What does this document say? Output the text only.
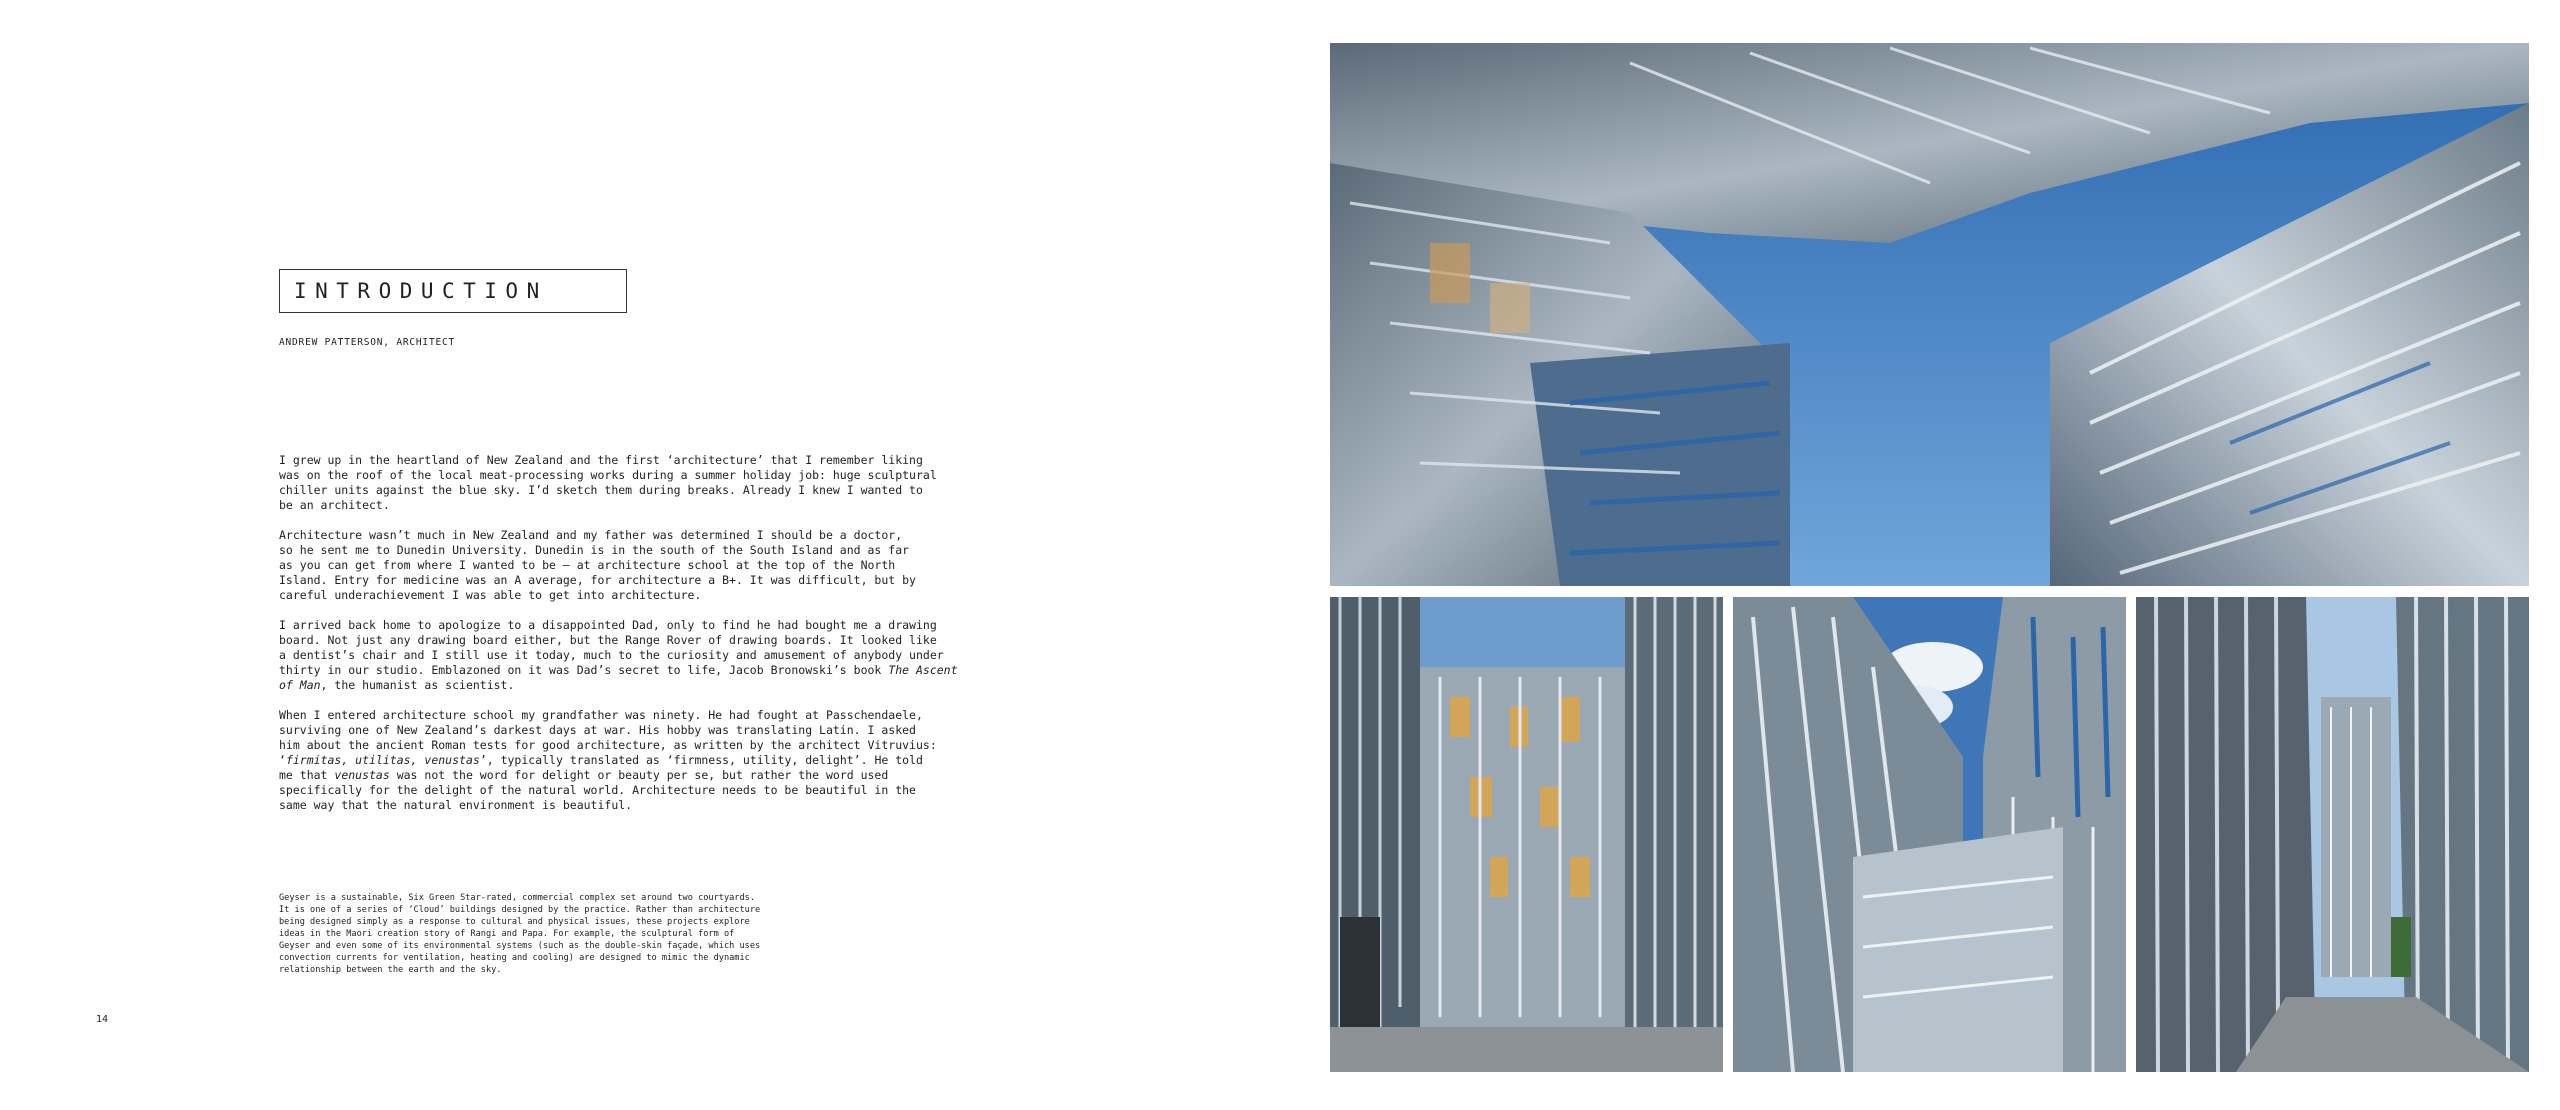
INTRODUCTION
ANDREW PATTERSON, ARCHITECT

I grew up in the heartland of New Zealand and the first ‘architecture’ that I remember liking
was on the roof of the local meat-processing works during a summer holiday job: huge sculptural
chiller units against the blue sky. I’d sketch them during breaks. Already I knew I wanted to
be an architect.

Architecture wasn’t much in New Zealand and my father was determined I should be a doctor,
so he sent me to Dunedin University. Dunedin is in the south of the South Island and as far
as you can get from where I wanted to be – at architecture school at the top of the North
Island. Entry for medicine was an A average, for architecture a B+. It was difficult, but by
careful underachievement I was able to get into architecture.

I arrived back home to apologize to a disappointed Dad, only to find he had bought me a drawing
board. Not just any drawing board either, but the Range Rover of drawing boards. It looked like
a dentist’s chair and I still use it today, much to the curiosity and amusement of anybody under
thirty in our studio. Emblazoned on it was Dad’s secret to life, Jacob Bronowski’s book The Ascent
of Man, the humanist as scientist.

When I entered architecture school my grandfather was ninety. He had fought at Passchendaele,
surviving one of New Zealand’s darkest days at war. His hobby was translating Latin. I asked
him about the ancient Roman tests for good architecture, as written by the architect Vitruvius:
‘firmitas, utilitas, venustas’, typically translated as ‘firmness, utility, delight’. He told
me that venustas was not the word for delight or beauty per se, but rather the word used
specifically for the delight of the natural world. Architecture needs to be beautiful in the
same way that the natural environment is beautiful.

Geyser is a sustainable, Six Green Star-rated, commercial complex set around two courtyards.
It is one of a series of ‘Cloud’ buildings designed by the practice. Rather than architecture
being designed simply as a response to cultural and physical issues, these projects explore
ideas in the Maori creation story of Rangi and Papa. For example, the sculptural form of
Geyser and even some of its environmental systems (such as the double-skin façade, which uses
convection currents for ventilation, heating and cooling) are designed to mimic the dynamic
relationship between the earth and the sky.
14
